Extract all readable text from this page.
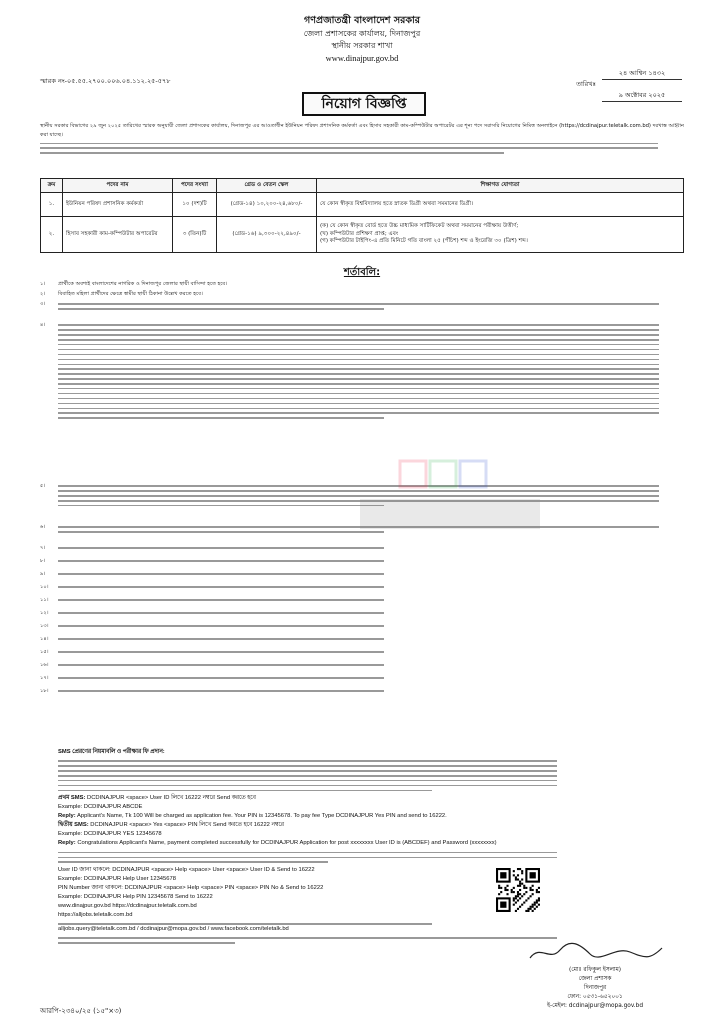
গণপ্রজাতন্ত্রী বাংলাদেশ সরকার
জেলা প্রশাসকের কার্যালয়, দিনাজপুর
স্থানীয় সরকার শাখা
www.dinajpur.gov.bd
স্মারক নং-০৫.৫৫.২৭০০.০০৬.০৪.১১২.২৫-৫৭৮
২৪ আশ্বিন ১৪৩২
তারিখঃ
৯ অক্টোবর ২০২৫
নিয়োগ বিজ্ঞপ্তি
স্থানীয় সরকার বিভাগের ২৯ জুন ২০২৫ তারিখের স্মারক অনুযায়ী জেলা প্রশাসকের কার্যালয়, দিনাজপুর এর আওতাধীন ইউনিয়ন পরিষদ প্রশাসনিক কর্মকর্তা এবং হিসাব সহকারী কাম-কম্পিউটার অপারেটর এর শূন্য পদে সরাসরি নিয়োগের নিমিত্ত অনলাইনে (https://dcdinajpur.teletalk.com.bd) দরখাস্ত আহ্বান করা যাচ্ছে।
ক্রম	পদের নাম	পদের সংখ্যা	গ্রেড ও বেতন স্কেল	শিক্ষাগত যোগ্যতা
১.	ইউনিয়ন পরিষদ প্রশাসনিক কর্মকর্তা	১০ (দশ)টি	(গ্রেড-১৪) ১০,২০০-২৪,৬৮০/-	যে কোন স্বীকৃত বিশ্ববিদ্যালয় হতে স্নাতক ডিগ্রী অথবা সমমানের ডিগ্রী।

২.	হিসাব সহকারী কাম-কম্পিউটার অপারেটর	৩ (তিন)টি	(গ্রেড-১৬) ৯,৩০০-২২,৪৯০/-	(ক) যে কোন স্বীকৃত বোর্ড হতে উচ্চ মাধ্যমিক সার্টিফিকেট অথবা সমমানের পরীক্ষায় উত্তীর্ণ;
(খ) কম্পিউটার প্রশিক্ষণ প্রাপ্ত; এবং
(গ) কম্পিউটার টাইপিং-এ প্রতি মিনিটে গতি বাংলা ২৫ (পঁচিশ) শব্দ ও ইংরেজি ৩০ (ত্রিশ) শব্দ।
শর্তাবলি:
১।	প্রার্থীকে অবশ্যই বাংলাদেশের নাগরিক ও দিনাজপুর জেলার স্থায়ী বাসিন্দা হতে হবে।
২।	বিবাহিত মহিলা প্রার্থীদের ক্ষেত্রে স্বামীর স্থায়ী ঠিকানা উল্লেখ করতে হবে।
৩।
৪।
৫।
৬।
৭।
৮।
৯।
১০।
১১।
১২।
১৩।
১৪।
১৫।
১৬।
১৭।
১৮।
SMS প্রেরণের নিয়মাবলি ও পরীক্ষার ফি প্রদান:
প্রথম SMS: DCDINAJPUR <space> User ID লিখে 16222 নম্বরে Send করতে হবে
Example: DCDINAJPUR ABCDE
Reply: Applicant's Name, Tk 100 Will be charged as application fee. Your PIN is 12345678. To pay fee Type DCDINAJPUR Yes PIN and send to 16222.
দ্বিতীয় SMS: DCDINAJPUR <space> Yes <space> PIN লিখে Send করতে হবে 16222 নম্বরে
Example: DCDINAJPUR YES 12345678
Reply: Congratulations Applicant's Name, payment completed successfully for DCDINAJPUR Application for post xxxxxxxx User ID is (ABCDEF) and Password (xxxxxxxx)
User ID জানা থাকলে: DCDINAJPUR <space> Help <space> User <space> User ID & Send to 16222
Example: DCDINAJPUR Help User 12345678
PIN Number জানা থাকলে: DCDINAJPUR <space> Help <space> PIN <space> PIN No & Send to 16222
Example: DCDINAJPUR Help PIN 12345678 Send to 16222
www.dinajpur.gov.bd https://dcdinajpur.teletalk.com.bd
https://alljobs.teletalk.com.bd
alljobs.query@teletalk.com.bd / dcdinajpur@mopa.gov.bd / www.facebook.com/teletalk.bd
(মোঃ রফিকুল ইসলাম)
জেলা প্রশাসক
দিনাজপুর
ফোন: ০৫৩১-৬৫২০০১
ই-মেইল: dcdinajpur@mopa.gov.bd
আরপি-২৩৪০/২৫ (১৫"×৩)
